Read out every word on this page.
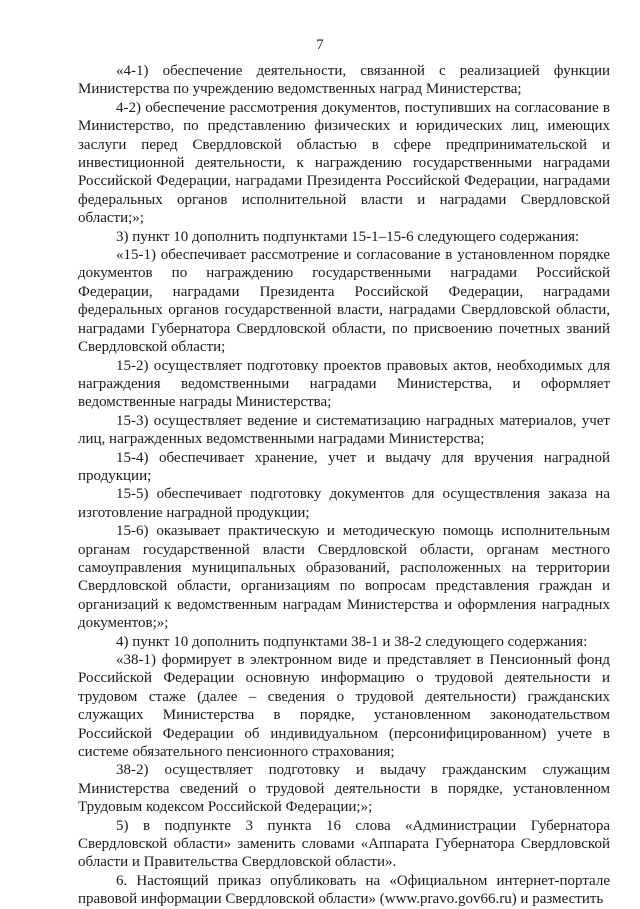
7

«4-1) обеспечение деятельности, связанной с реализацией функции Министерства по учреждению ведомственных наград Министерства;

4-2) обеспечение рассмотрения документов, поступивших на согласование в Министерство, по представлению физических и юридических лиц, имеющих заслуги перед Свердловской областью в сфере предпринимательской и инвестиционной деятельности, к награждению государственными наградами Российской Федерации, наградами Президента Российской Федерации, наградами федеральных органов исполнительной власти и наградами Свердловской области;»;

3) пункт 10 дополнить подпунктами 15-1–15-6 следующего содержания:

«15-1) обеспечивает рассмотрение и согласование в установленном порядке документов по награждению государственными наградами Российской Федерации, наградами Президента Российской Федерации, наградами федеральных органов государственной власти, наградами Свердловской области, наградами Губернатора Свердловской области, по присвоению почетных званий Свердловской области;

15-2) осуществляет подготовку проектов правовых актов, необходимых для награждения ведомственными наградами Министерства, и оформляет ведомственные награды Министерства;

15-3) осуществляет ведение и систематизацию наградных материалов, учет лиц, награжденных ведомственными наградами Министерства;

15-4) обеспечивает хранение, учет и выдачу для вручения наградной продукции;

15-5) обеспечивает подготовку документов для осуществления заказа на изготовление наградной продукции;

15-6) оказывает практическую и методическую помощь исполнительным органам государственной власти Свердловской области, органам местного самоуправления муниципальных образований, расположенных на территории Свердловской области, организациям по вопросам представления граждан и организаций к ведомственным наградам Министерства и оформления наградных документов;»;

4) пункт 10 дополнить подпунктами 38-1 и 38-2 следующего содержания:

«38-1) формирует в электронном виде и представляет в Пенсионный фонд Российской Федерации основную информацию о трудовой деятельности и трудовом стаже (далее – сведения о трудовой деятельности) гражданских служащих Министерства в порядке, установленном законодательством Российской Федерации об индивидуальном (персонифицированном) учете в системе обязательного пенсионного страхования;

38-2) осуществляет подготовку и выдачу гражданским служащим Министерства сведений о трудовой деятельности в порядке, установленном Трудовым кодексом Российской Федерации;»;

5) в подпункте 3 пункта 16 слова «Администрации Губернатора Свердловской области» заменить словами «Аппарата Губернатора Свердловской области и Правительства Свердловской области».

6. Настоящий приказ опубликовать на «Официальном интернет-портале правовой информации Свердловской области» (www.pravo.gov66.ru) и разместить
